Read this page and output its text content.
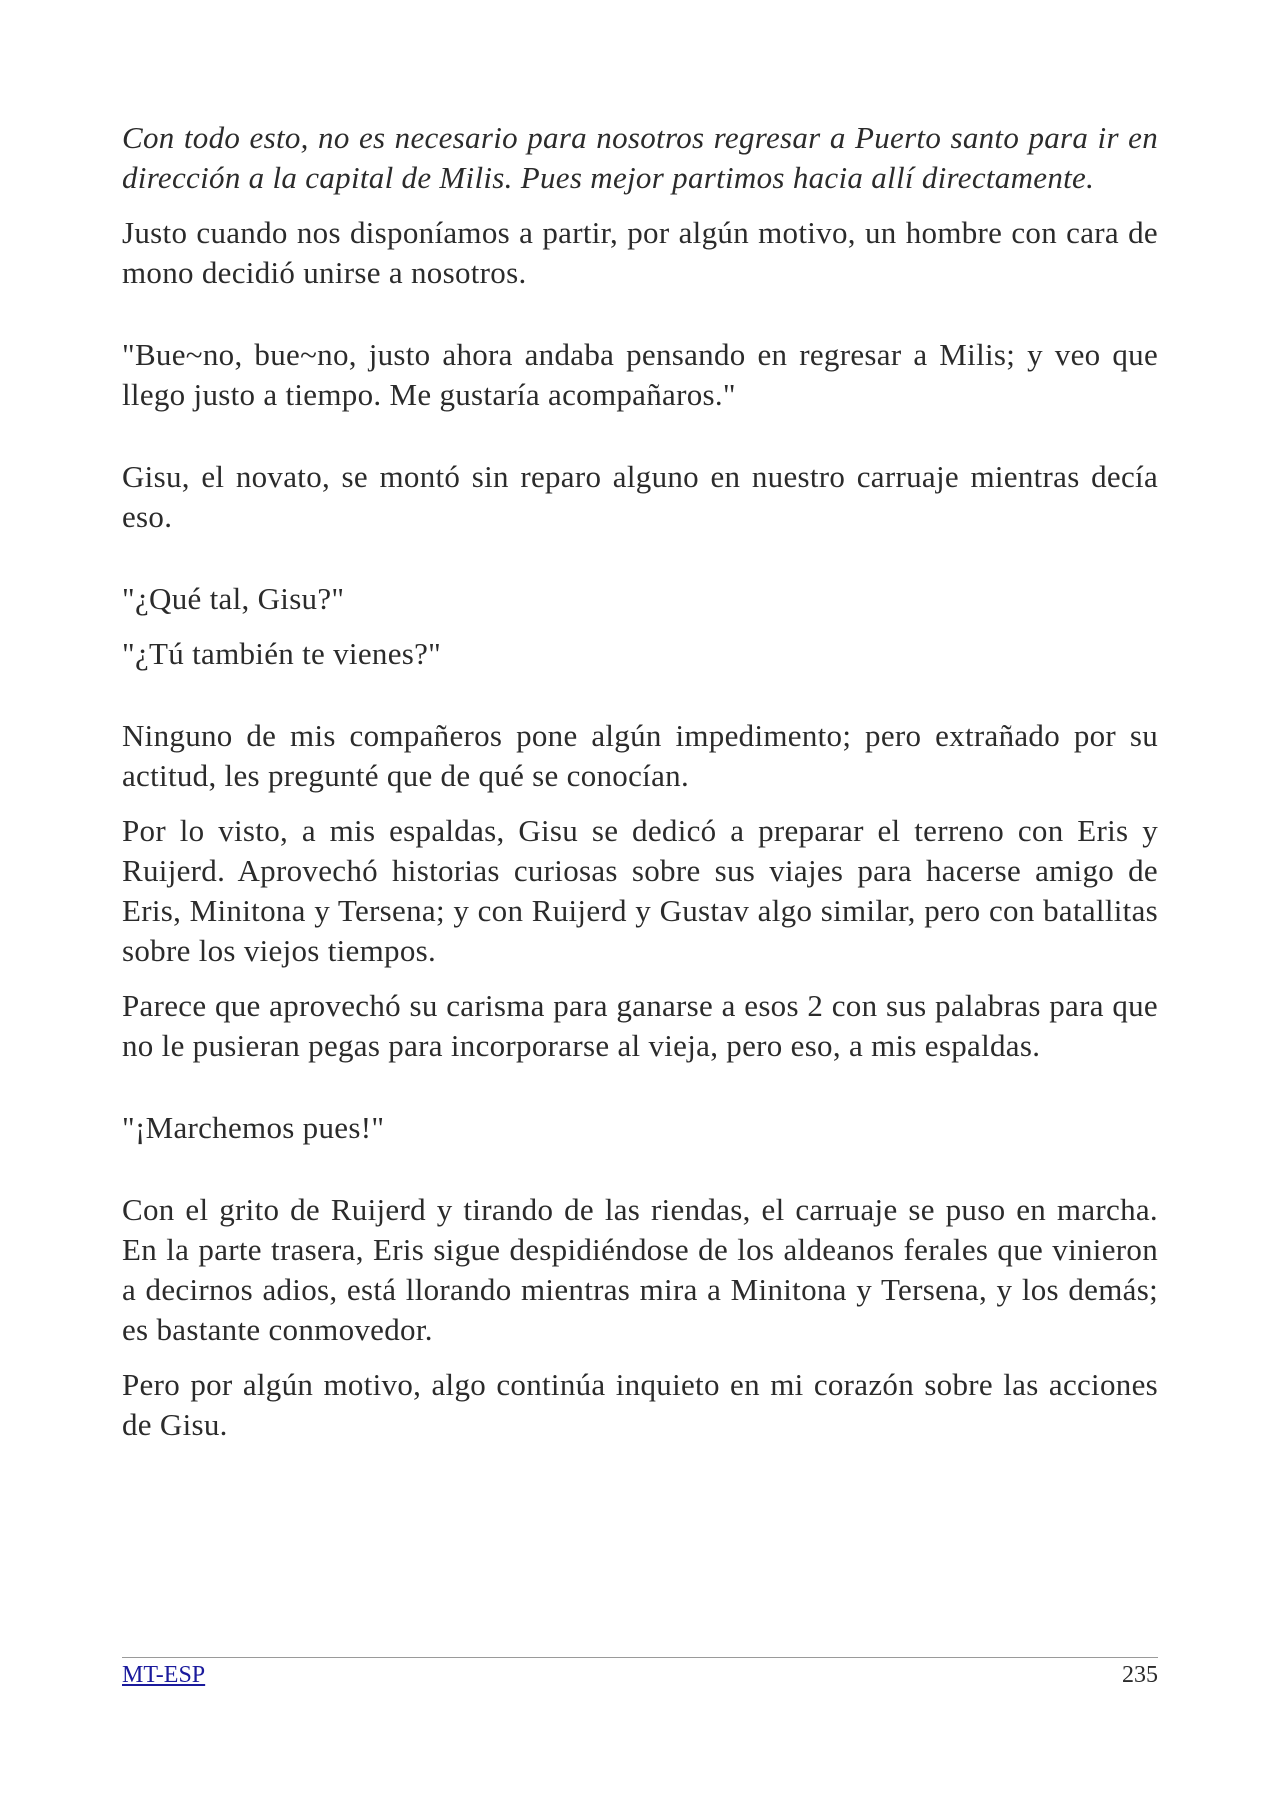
Con todo esto, no es necesario para nosotros regresar a Puerto santo para ir en dirección a la capital de Milis. Pues mejor partimos hacia allí directamente.

Justo cuando nos disponíamos a partir, por algún motivo, un hombre con cara de mono decidió unirse a nosotros.

"Bue~no, bue~no, justo ahora andaba pensando en regresar a Milis; y veo que llego justo a tiempo. Me gustaría acompañaros."

Gisu, el novato, se montó sin reparo alguno en nuestro carruaje mientras decía eso.

"¿Qué tal, Gisu?"

"¿Tú también te vienes?"

Ninguno de mis compañeros pone algún impedimento; pero extrañado por su actitud, les pregunté que de qué se conocían.

Por lo visto, a mis espaldas, Gisu se dedicó a preparar el terreno con Eris y Ruijerd. Aprovechó historias curiosas sobre sus viajes para hacerse amigo de Eris, Minitona y Tersena; y con Ruijerd y Gustav algo similar, pero con batallitas sobre los viejos tiempos.

Parece que aprovechó su carisma para ganarse a esos 2 con sus palabras para que no le pusieran pegas para incorporarse al vieja, pero eso, a mis espaldas.

"¡Marchemos pues!"

Con el grito de Ruijerd y tirando de las riendas, el carruaje se puso en marcha. En la parte trasera, Eris sigue despidiéndose de los aldeanos ferales que vinieron a decirnos adios, está llorando mientras mira a Minitona y Tersena, y los demás; es bastante conmovedor.

Pero por algún motivo, algo continúa inquieto en mi corazón sobre las acciones de Gisu.

MT-ESP	235
